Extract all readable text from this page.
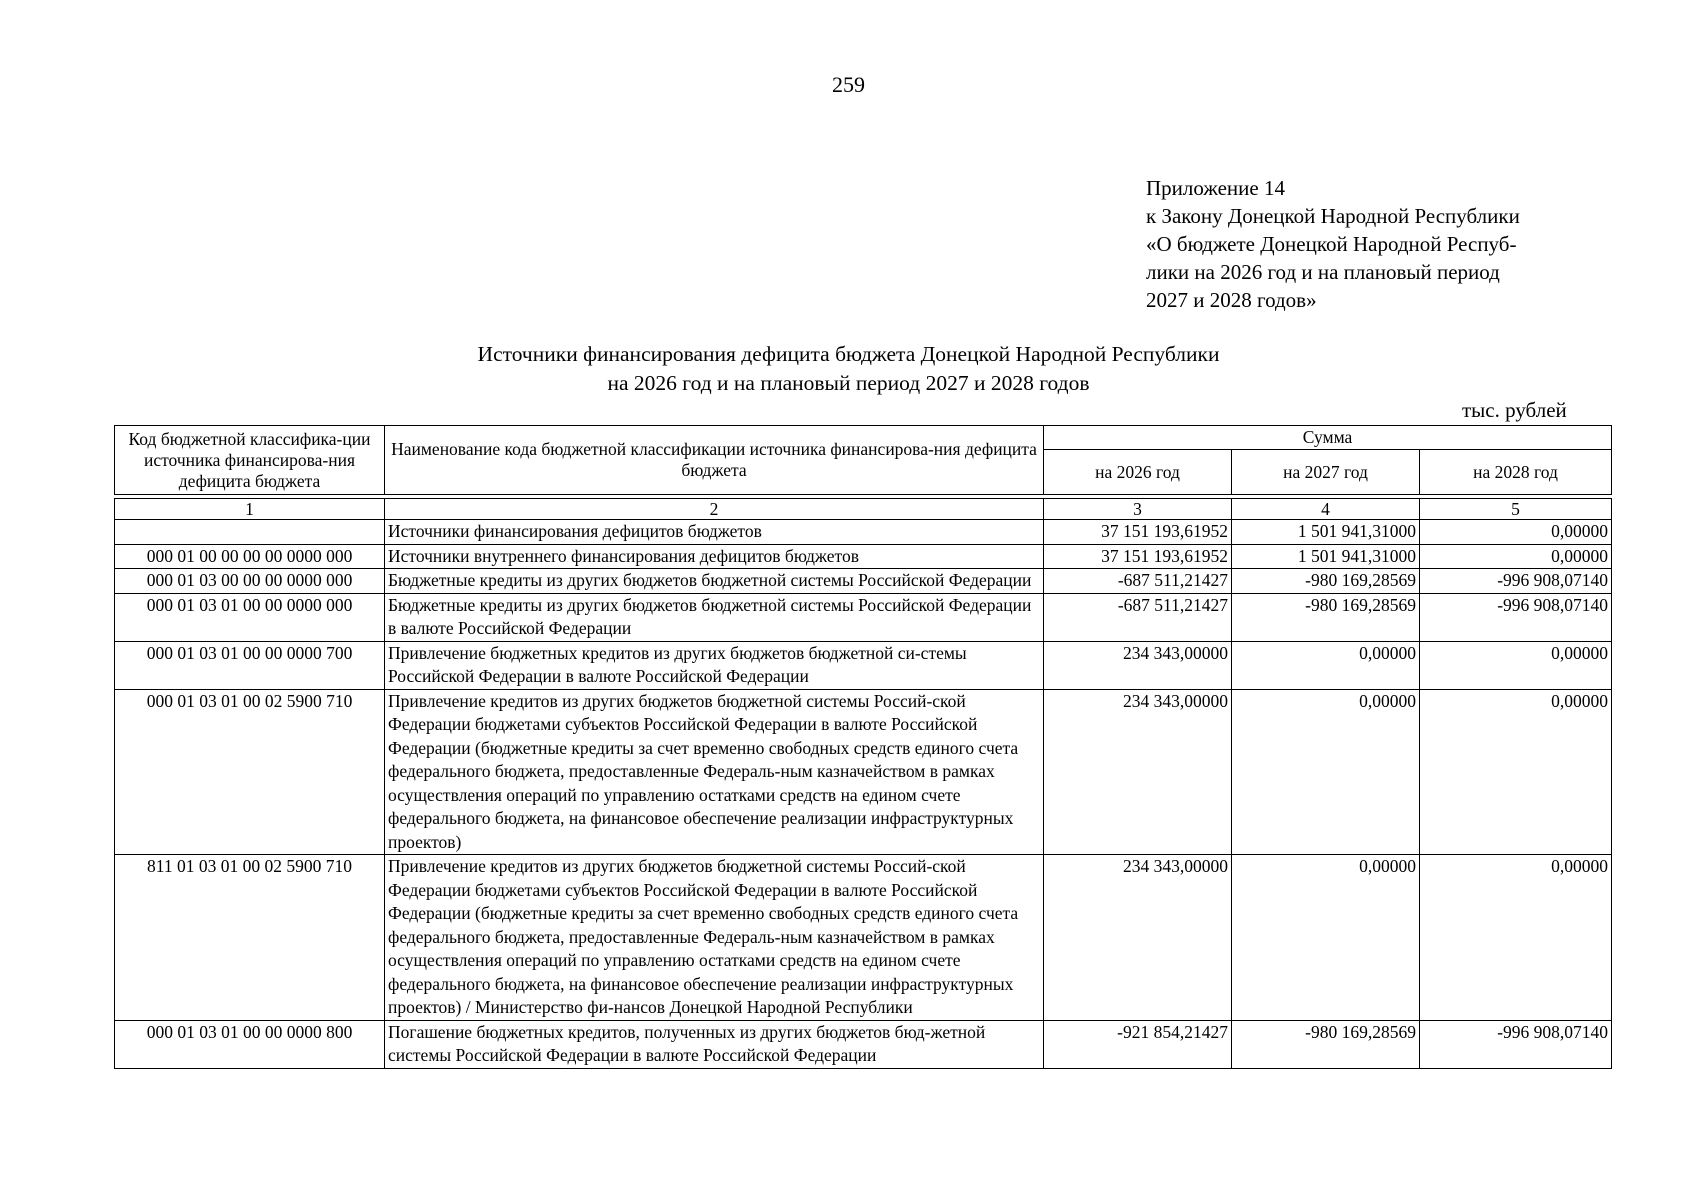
259
Приложение 14
к Закону Донецкой Народной Республики
«О бюджете Донецкой Народной Респуб-
лики на 2026 год и на плановый период
2027 и 2028 годов»
Источники финансирования дефицита бюджета Донецкой Народной Республики
на 2026 год и на плановый период 2027 и 2028 годов
тыс. рублей
Код бюджетной классифика-ции источника финансирова-ния дефицита бюджета	Наименование кода бюджетной классификации источника финансирова-ния дефицита бюджета	Сумма		
		на 2026 год	на 2027 год	на 2028 год

1	2	3	4	5
	Источники финансирования дефицитов бюджетов	37 151 193,61952	1 501 941,31000	0,00000
000 01 00 00 00 00 0000 000	Источники внутреннего финансирования дефицитов бюджетов	37 151 193,61952	1 501 941,31000	0,00000
000 01 03 00 00 00 0000 000	Бюджетные кредиты из других бюджетов бюджетной системы Российской Федерации	-687 511,21427	-980 169,28569	-996 908,07140
000 01 03 01 00 00 0000 000	Бюджетные кредиты из других бюджетов бюджетной системы Российской Федерации в валюте Российской Федерации	-687 511,21427	-980 169,28569	-996 908,07140
000 01 03 01 00 00 0000 700	Привлечение бюджетных кредитов из других бюджетов бюджетной си-стемы Российской Федерации в валюте Российской Федерации	234 343,00000	0,00000	0,00000
000 01 03 01 00 02 5900 710	Привлечение кредитов из других бюджетов бюджетной системы Россий-ской Федерации бюджетами субъектов Российской Федерации в валюте Российской Федерации (бюджетные кредиты за счет временно свободных средств единого счета федерального бюджета, предоставленные Федераль-ным казначейством в рамках осуществления операций по управлению остатками средств на едином счете федерального бюджета, на финансовое обеспечение реализации инфраструктурных проектов)	234 343,00000	0,00000	0,00000
811 01 03 01 00 02 5900 710	Привлечение кредитов из других бюджетов бюджетной системы Россий-ской Федерации бюджетами субъектов Российской Федерации в валюте Российской Федерации (бюджетные кредиты за счет временно свободных средств единого счета федерального бюджета, предоставленные Федераль-ным казначейством в рамках осуществления операций по управлению остатками средств на едином счете федерального бюджета, на финансовое обеспечение реализации инфраструктурных проектов) / Министерство фи-нансов Донецкой Народной Республики	234 343,00000	0,00000	0,00000
000 01 03 01 00 00 0000 800	Погашение бюджетных кредитов, полученных из других бюджетов бюд-жетной системы Российской Федерации в валюте Российской Федерации	-921 854,21427	-980 169,28569	-996 908,07140
